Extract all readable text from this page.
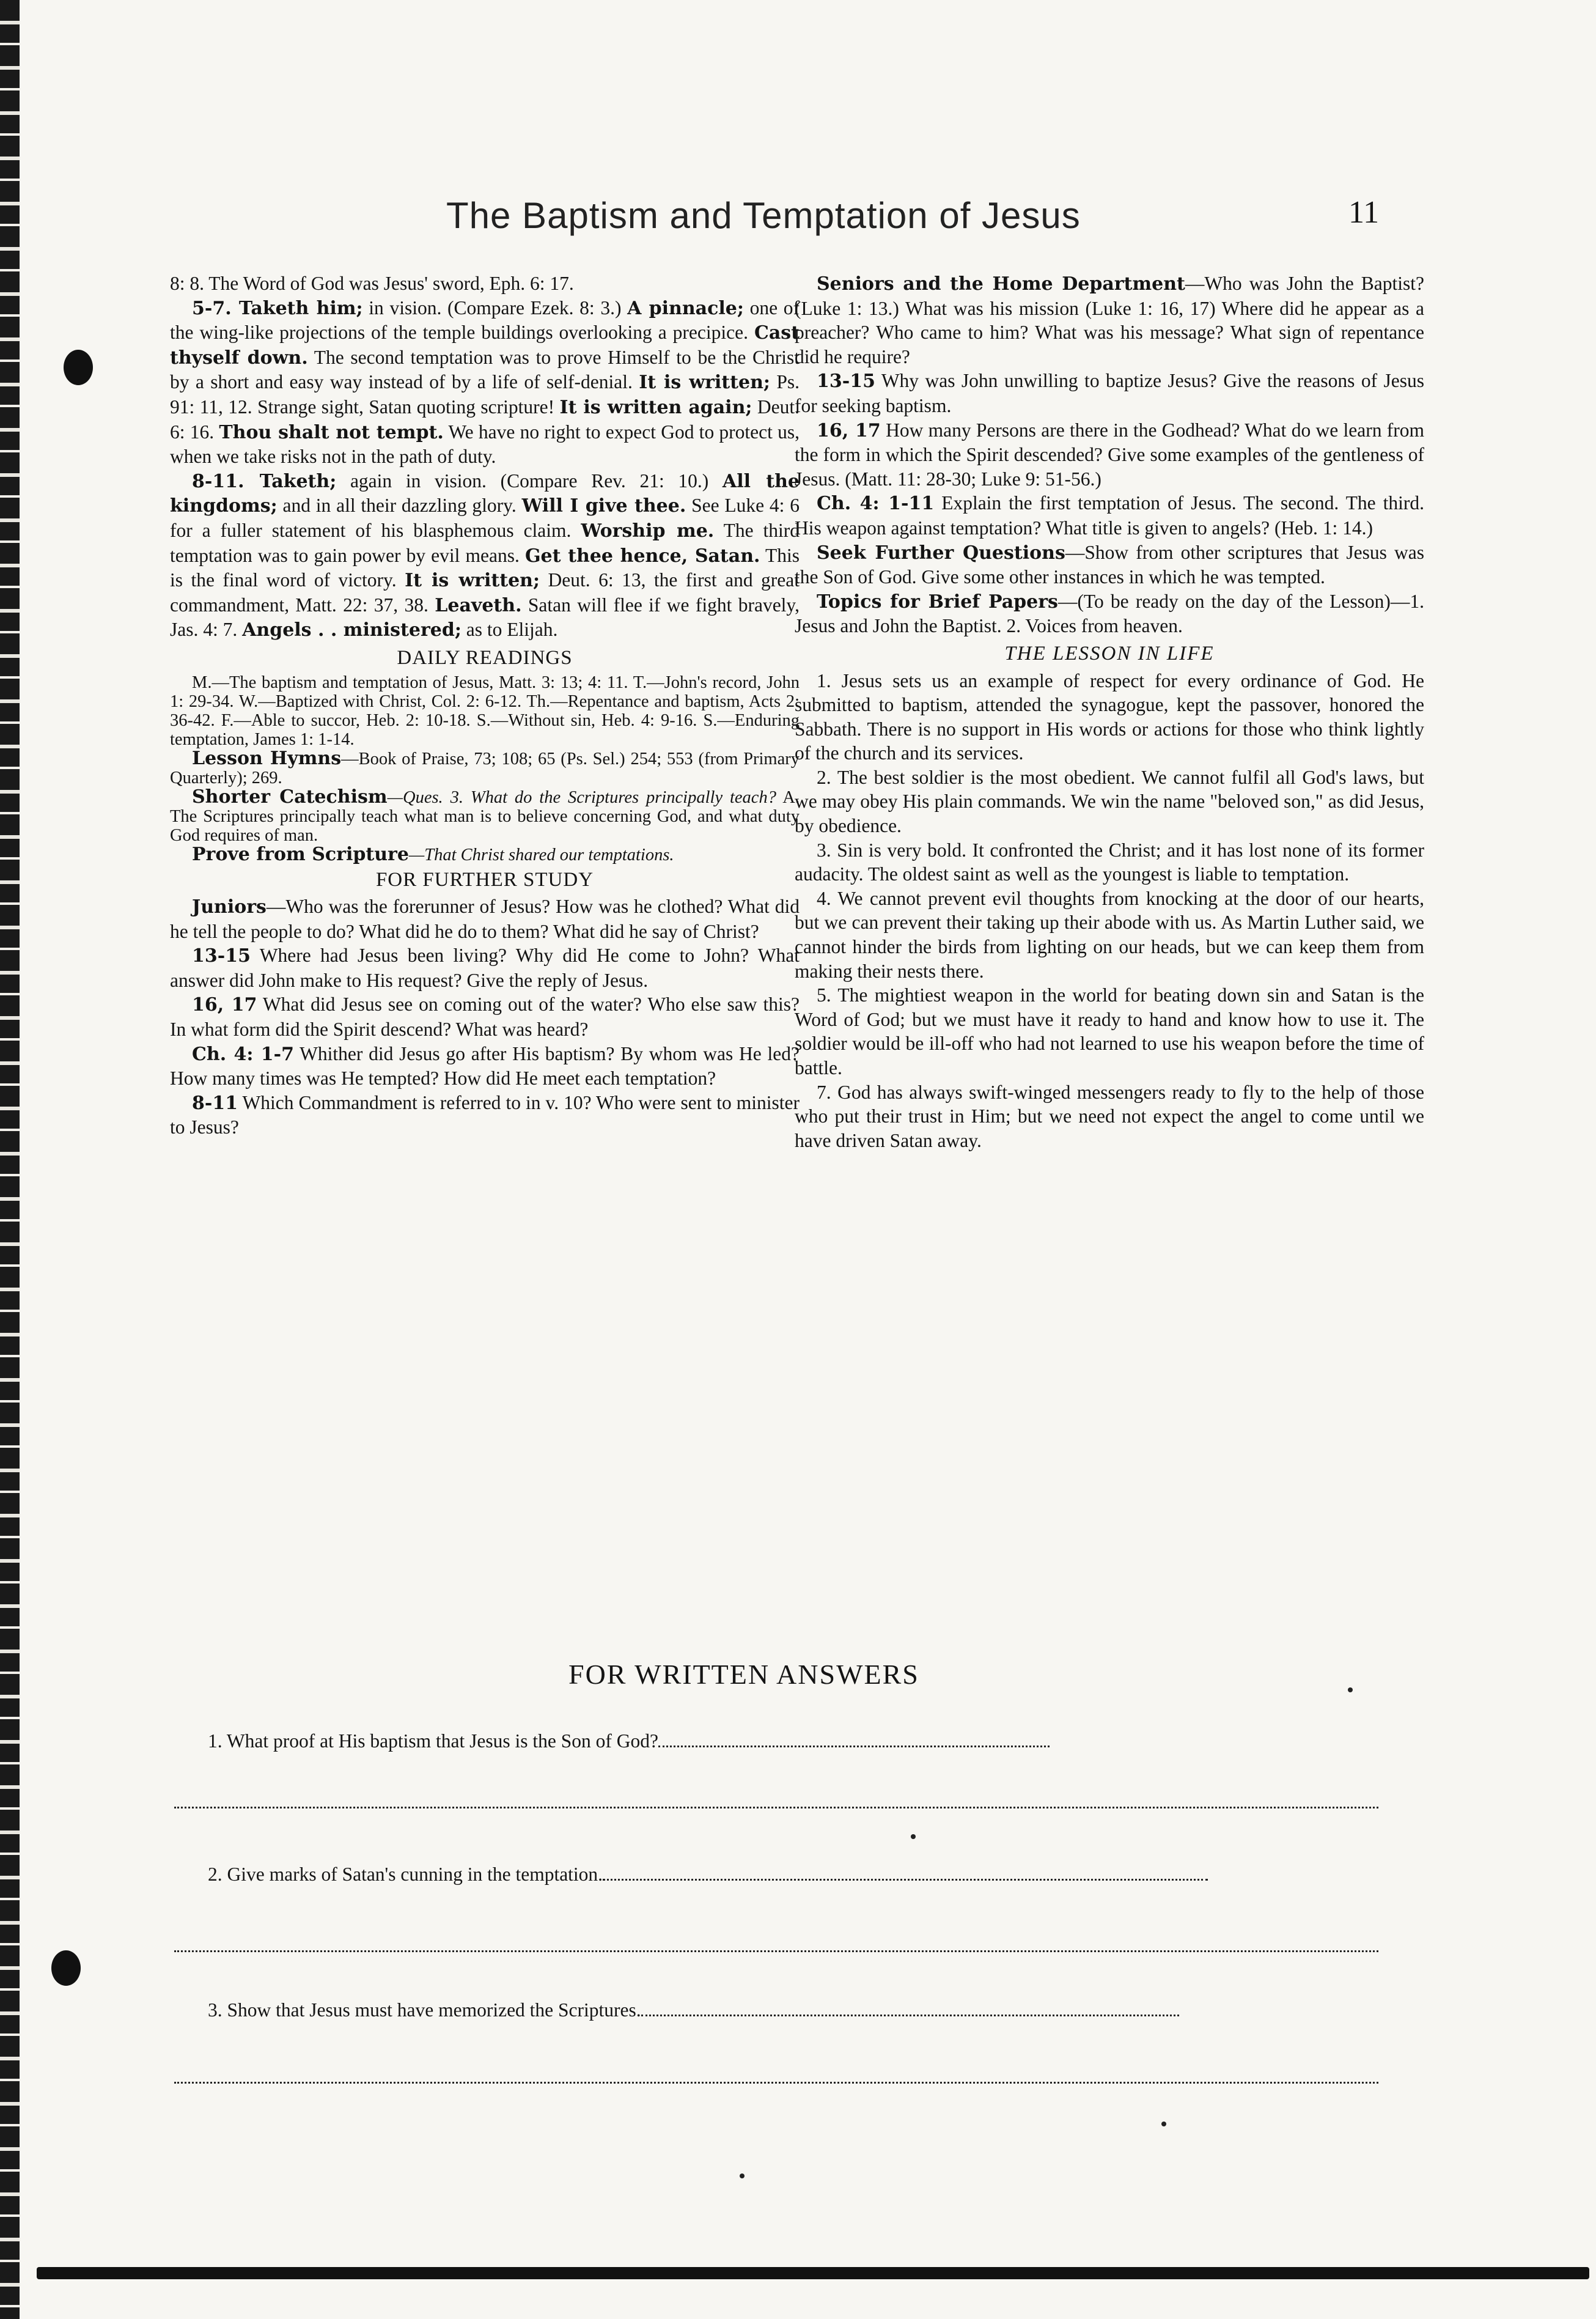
The Baptism and Temptation of Jesus	11

8: 8. The Word of God was Jesus' sword, Eph. 6: 17.

5-7. Taketh him; in vision. (Compare Ezek. 8: 3.) A pinnacle; one of the wing-like projections of the temple buildings overlooking a precipice. Cast thyself down. The second temptation was to prove Himself to be the Christ by a short and easy way instead of by a life of self-denial. It is written; Ps. 91: 11, 12. Strange sight, Satan quoting scripture! It is written again; Deut. 6: 16. Thou shalt not tempt. We have no right to expect God to protect us, when we take risks not in the path of duty.

8-11. Taketh; again in vision. (Compare Rev. 21: 10.) All the kingdoms; and in all their dazzling glory. Will I give thee. See Luke 4: 6 for a fuller statement of his blasphemous claim. Worship me. The third temptation was to gain power by evil means. Get thee hence, Satan. This is the final word of victory. It is written; Deut. 6: 13, the first and great commandment, Matt. 22: 37, 38. Leaveth. Satan will flee if we fight bravely, Jas. 4: 7. Angels . . ministered; as to Elijah.

DAILY READINGS

M.—The baptism and temptation of Jesus, Matt. 3: 13; 4: 11. T.—John's record, John 1: 29-34. W.—Baptized with Christ, Col. 2: 6-12. Th.—Repentance and baptism, Acts 2: 36-42. F.—Able to succor, Heb. 2: 10-18. S.—Without sin, Heb. 4: 9-16. S.—Enduring temptation, James 1: 1-14.

Lesson Hymns—Book of Praise, 73; 108; 65 (Ps. Sel.) 254; 553 (from Primary Quarterly); 269.

Shorter Catechism—Ques. 3. What do the Scriptures principally teach? A. The Scriptures principally teach what man is to believe concerning God, and what duty God requires of man.

Prove from Scripture—That Christ shared our temptations.

FOR FURTHER STUDY

Juniors—Who was the forerunner of Jesus? How was he clothed? What did he tell the people to do? What did he do to them? What did he say of Christ?

13-15 Where had Jesus been living? Why did He come to John? What answer did John make to His request? Give the reply of Jesus.

16, 17 What did Jesus see on coming out of the water? Who else saw this? In what form did the Spirit descend? What was heard?

Ch. 4: 1-7 Whither did Jesus go after His baptism? By whom was He led? How many times was He tempted? How did He meet each temptation?

8-11 Which Commandment is referred to in v. 10? Who were sent to minister to Jesus?

Seniors and the Home Department—Who was John the Baptist? (Luke 1: 13.) What was his mission (Luke 1: 16, 17) Where did he appear as a preacher? Who came to him? What was his message? What sign of repentance did he require?

13-15 Why was John unwilling to baptize Jesus? Give the reasons of Jesus for seeking baptism.

16, 17 How many Persons are there in the Godhead? What do we learn from the form in which the Spirit descended? Give some examples of the gentleness of Jesus. (Matt. 11: 28-30; Luke 9: 51-56.)

Ch. 4: 1-11 Explain the first temptation of Jesus. The second. The third. His weapon against temptation? What title is given to angels? (Heb. 1: 14.)

Seek Further Questions—Show from other scriptures that Jesus was the Son of God. Give some other instances in which he was tempted.

Topics for Brief Papers—(To be ready on the day of the Lesson)—1. Jesus and John the Baptist. 2. Voices from heaven.

THE LESSON IN LIFE

1. Jesus sets us an example of respect for every ordinance of God. He submitted to baptism, attended the synagogue, kept the passover, honored the Sabbath. There is no support in His words or actions for those who think lightly of the church and its services.

2. The best soldier is the most obedient. We cannot fulfil all God's laws, but we may obey His plain commands. We win the name "beloved son," as did Jesus, by obedience.

3. Sin is very bold. It confronted the Christ; and it has lost none of its former audacity. The oldest saint as well as the youngest is liable to temptation.

4. We cannot prevent evil thoughts from knocking at the door of our hearts, but we can prevent their taking up their abode with us. As Martin Luther said, we cannot hinder the birds from lighting on our heads, but we can keep them from making their nests there.

5. The mightiest weapon in the world for beating down sin and Satan is the Word of God; but we must have it ready to hand and know how to use it. The soldier would be ill-off who had not learned to use his weapon before the time of battle.

7. God has always swift-winged messengers ready to fly to the help of those who put their trust in Him; but we need not expect the angel to come until we have driven Satan away.

FOR WRITTEN ANSWERS
1. What proof at His baptism that Jesus is the Son of God?
2. Give marks of Satan's cunning in the temptation.
3. Show that Jesus must have memorized the Scriptures.
